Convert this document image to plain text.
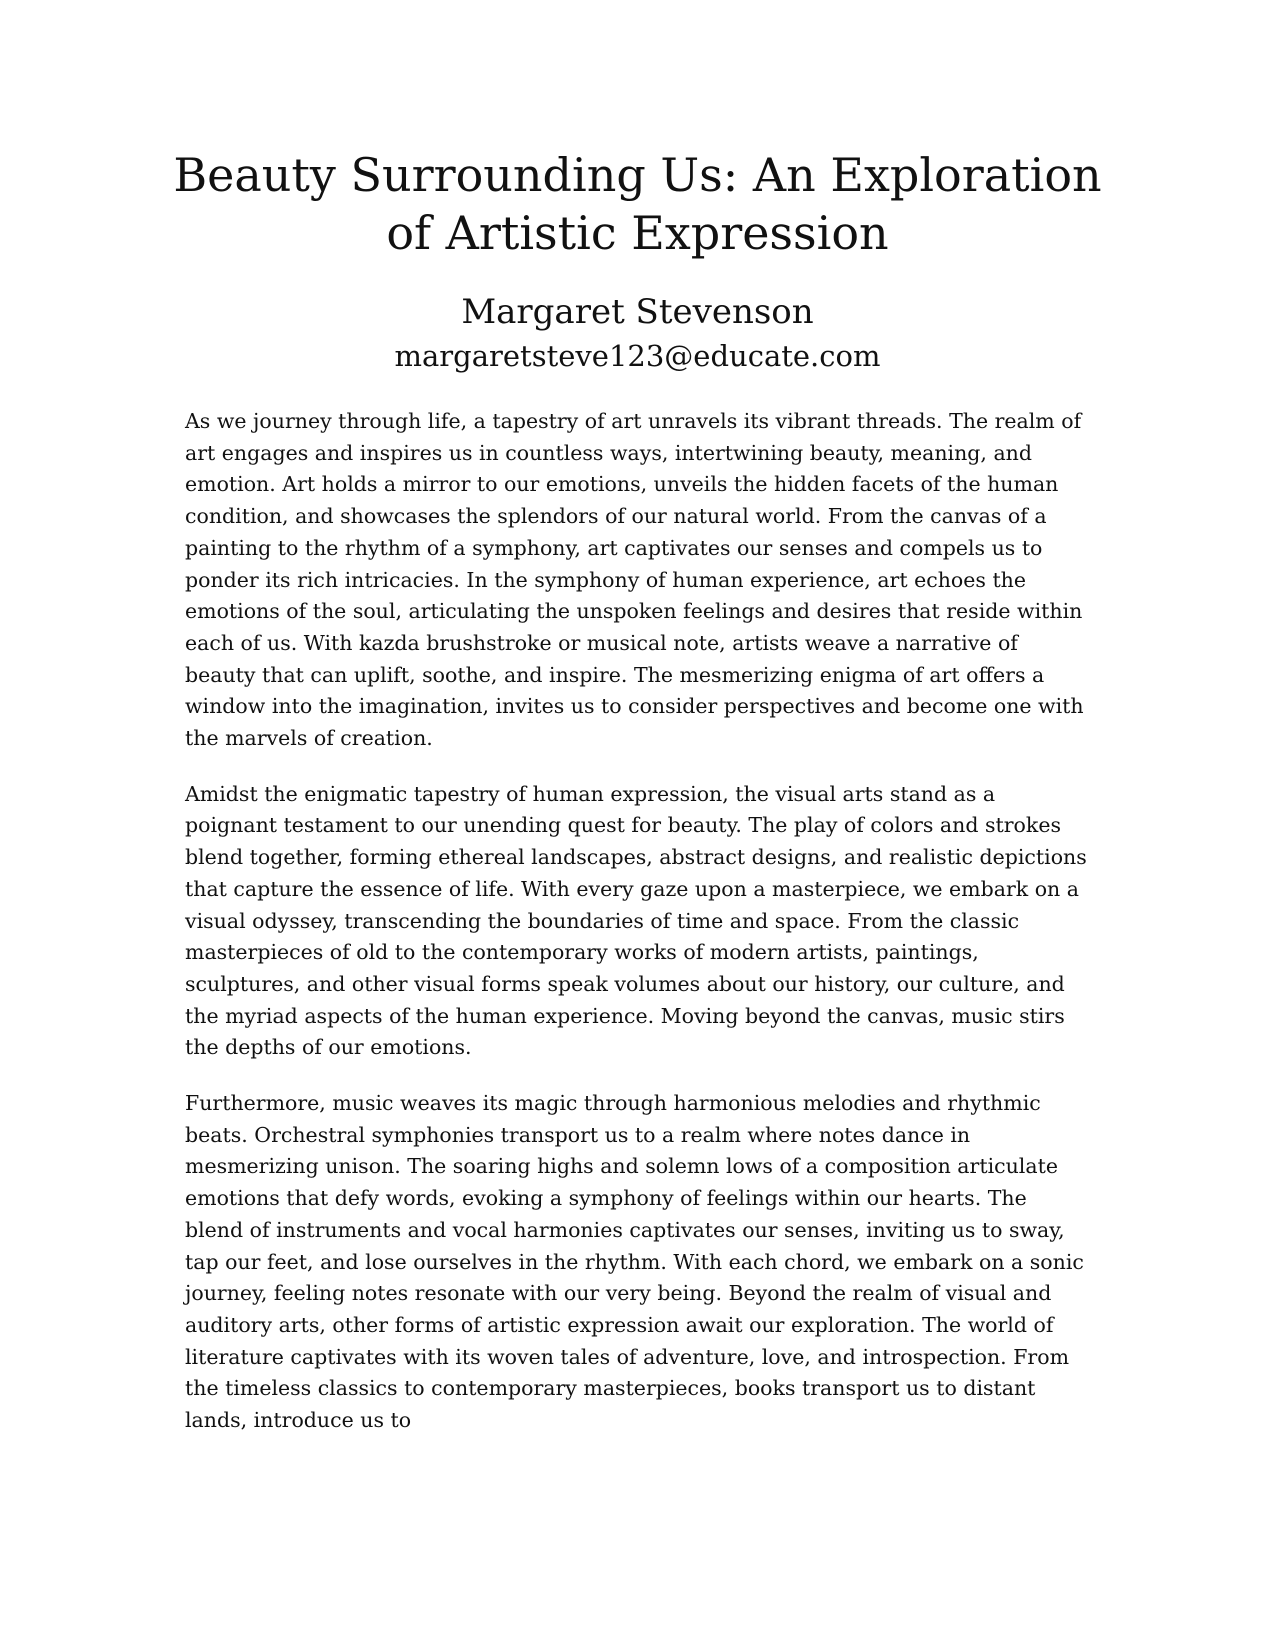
Beauty Surrounding Us: An Exploration of Artistic Expression
Margaret Stevenson
margaretsteve123@educate.com

As we journey through life, a tapestry of art unravels its vibrant threads. The realm of art engages and inspires us in countless ways, intertwining beauty, meaning, and emotion. Art holds a mirror to our emotions, unveils the hidden facets of the human condition, and showcases the splendors of our natural world. From the canvas of a painting to the rhythm of a symphony, art captivates our senses and compels us to ponder its rich intricacies. In the symphony of human experience, art echoes the emotions of the soul, articulating the unspoken feelings and desires that reside within each of us. With kazda brushstroke or musical note, artists weave a narrative of beauty that can uplift, soothe, and inspire. The mesmerizing enigma of art offers a window into the imagination, invites us to consider perspectives and become one with the marvels of creation.

Amidst the enigmatic tapestry of human expression, the visual arts stand as a poignant testament to our unending quest for beauty. The play of colors and strokes blend together, forming ethereal landscapes, abstract designs, and realistic depictions that capture the essence of life. With every gaze upon a masterpiece, we embark on a visual odyssey, transcending the boundaries of time and space. From the classic masterpieces of old to the contemporary works of modern artists, paintings, sculptures, and other visual forms speak volumes about our history, our culture, and the myriad aspects of the human experience. Moving beyond the canvas, music stirs the depths of our emotions.

Furthermore, music weaves its magic through harmonious melodies and rhythmic beats. Orchestral symphonies transport us to a realm where notes dance in mesmerizing unison. The soaring highs and solemn lows of a composition articulate emotions that defy words, evoking a symphony of feelings within our hearts. The blend of instruments and vocal harmonies captivates our senses, inviting us to sway, tap our feet, and lose ourselves in the rhythm. With each chord, we embark on a sonic journey, feeling notes resonate with our very being. Beyond the realm of visual and auditory arts, other forms of artistic expression await our exploration. The world of literature captivates with its woven tales of adventure, love, and introspection. From the timeless classics to contemporary masterpieces, books transport us to distant lands, introduce us to
